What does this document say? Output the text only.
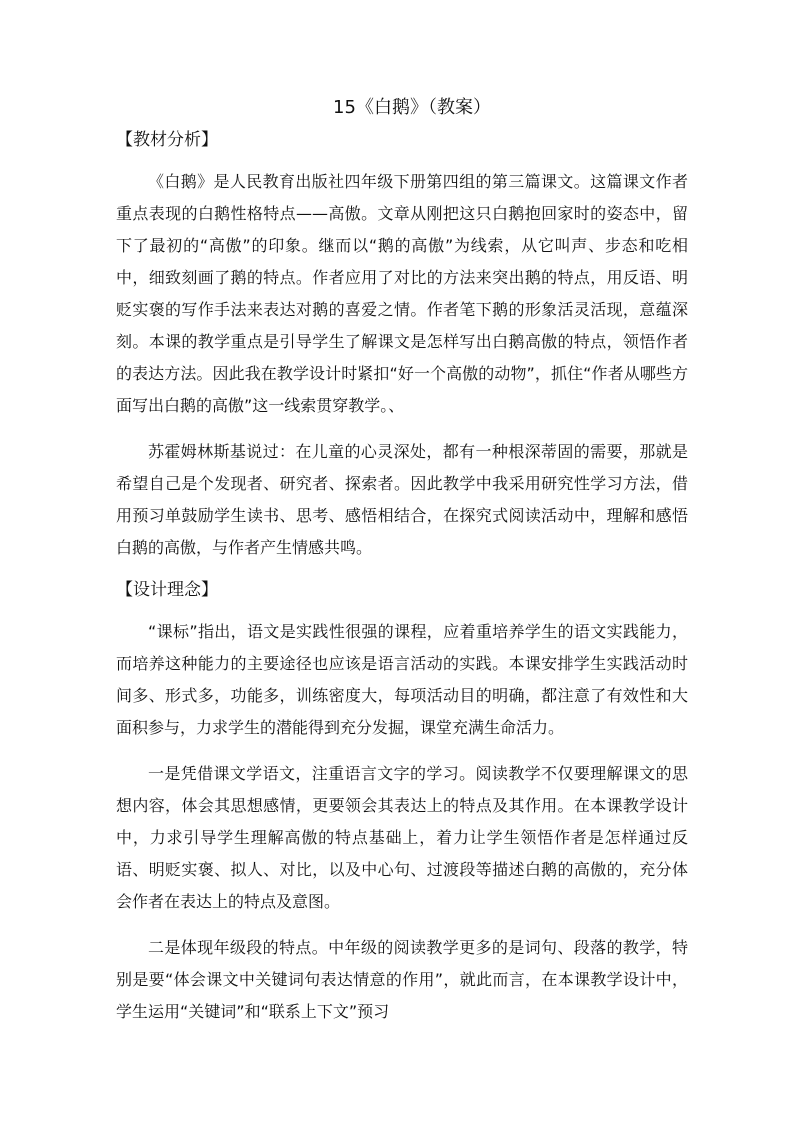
15《白鹅》（教案）
【教材分析】

《白鹅》是人民教育出版社四年级下册第四组的第三篇课文。这篇课文作者重点表现的白鹅性格特点——高傲。文章从刚把这只白鹅抱回家时的姿态中，留下了最初的“高傲”的印象。继而以“鹅的高傲”为线索，从它叫声、步态和吃相中，细致刻画了鹅的特点。作者应用了对比的方法来突出鹅的特点，用反语、明贬实褒的写作手法来表达对鹅的喜爱之情。作者笔下鹅的形象活灵活现，意蕴深刻。本课的教学重点是引导学生了解课文是怎样写出白鹅高傲的特点，领悟作者的表达方法。因此我在教学设计时紧扣“好一个高傲的动物”，抓住“作者从哪些方面写出白鹅的高傲”这一线索贯穿教学。、

苏霍姆林斯基说过：在儿童的心灵深处，都有一种根深蒂固的需要，那就是希望自己是个发现者、研究者、探索者。因此教学中我采用研究性学习方法，借用预习单鼓励学生读书、思考、感悟相结合，在探究式阅读活动中，理解和感悟白鹅的高傲，与作者产生情感共鸣。

【设计理念】

“课标”指出，语文是实践性很强的课程，应着重培养学生的语文实践能力，而培养这种能力的主要途径也应该是语言活动的实践。本课安排学生实践活动时间多、形式多，功能多，训练密度大，每项活动目的明确，都注意了有效性和大面积参与，力求学生的潜能得到充分发掘，课堂充满生命活力。

一是凭借课文学语文，注重语言文字的学习。阅读教学不仅要理解课文的思想内容，体会其思想感情，更要领会其表达上的特点及其作用。在本课教学设计中，力求引导学生理解高傲的特点基础上，着力让学生领悟作者是怎样通过反语、明贬实褒、拟人、对比，以及中心句、过渡段等描述白鹅的高傲的，充分体会作者在表达上的特点及意图。

二是体现年级段的特点。中年级的阅读教学更多的是词句、段落的教学，特别是要“体会课文中关键词句表达情意的作用”，就此而言，在本课教学设计中，学生运用“关键词”和“联系上下文”预习
